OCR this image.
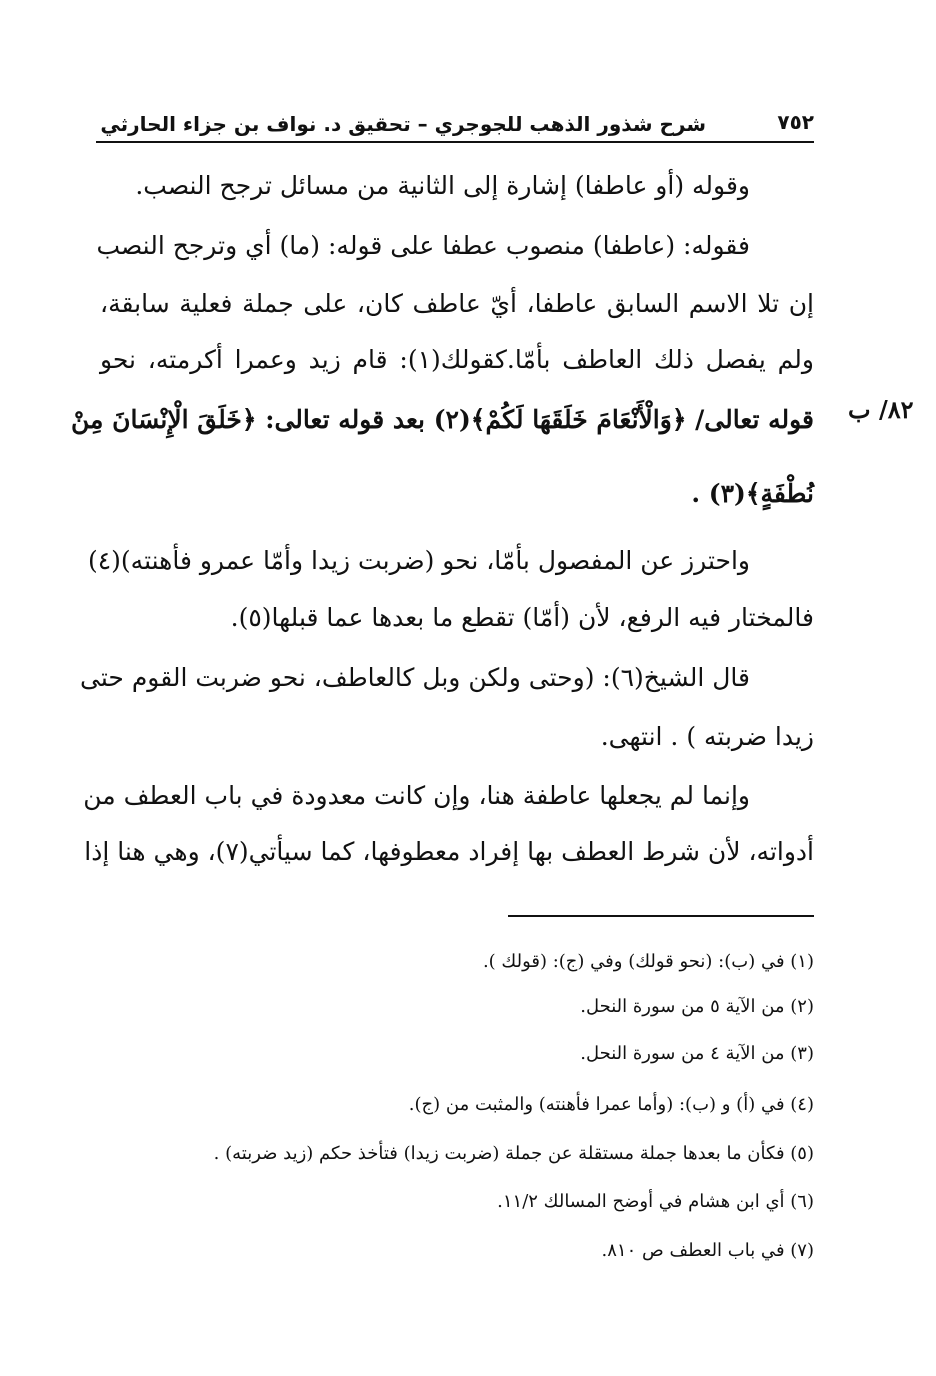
٧٥٢
شرح شذور الذهب للجوجري – تحقيق د. نواف بن جزاء الحارثي
٨٢/ ب
وقوله (أو عاطفا) إشارة إلى الثانية من مسائل ترجح النصب.
فقوله: (عاطفا) منصوب عطفا على قوله: (ما) أي وترجح النصب
إن تلا الاسم السابق عاطفا، أيّ عاطف كان، على جملة فعلية سابقة،
ولم يفصل ذلك العاطف بأمّا.كقولك(١): قام زيد وعمرا أكرمته، نحو
قوله تعالى/ ﴿وَالْأَنْعَامَ خَلَقَهَا لَكُمْ﴾(٢) بعد قوله تعالى: ﴿خَلَقَ الْإِنْسَانَ مِنْ
نُطْفَةٍ﴾(٣) .
واحترز عن المفصول بأمّا، نحو (ضربت زيدا وأمّا عمرو فأهنته)(٤)
فالمختار فيه الرفع، لأن (أمّا) تقطع ما بعدها عما قبلها(٥).
قال الشيخ(٦): (وحتى ولكن وبل كالعاطف، نحو ضربت القوم حتى
زيدا ضربته ) . انتهى.
وإنما لم يجعلها عاطفة هنا، وإن كانت معدودة في باب العطف من
أدواته، لأن شرط العطف بها إفراد معطوفها، كما سيأتي(٧)، وهي هنا إذا
(١) في (ب): (نحو قولك) وفي (ج): (قولك ).
(٢) من الآية ٥ من سورة النحل.
(٣) من الآية ٤ من سورة النحل.
(٤) في (أ) و (ب): (وأما عمرا فأهنته) والمثبت من (ج).
(٥) فكأن ما بعدها جملة مستقلة عن جملة (ضربت زيدا) فتأخذ حكم (زيد ضربته) .
(٦) أي ابن هشام في أوضح المسالك ١١/٢.
(٧) في باب العطف ص ٨١٠.
